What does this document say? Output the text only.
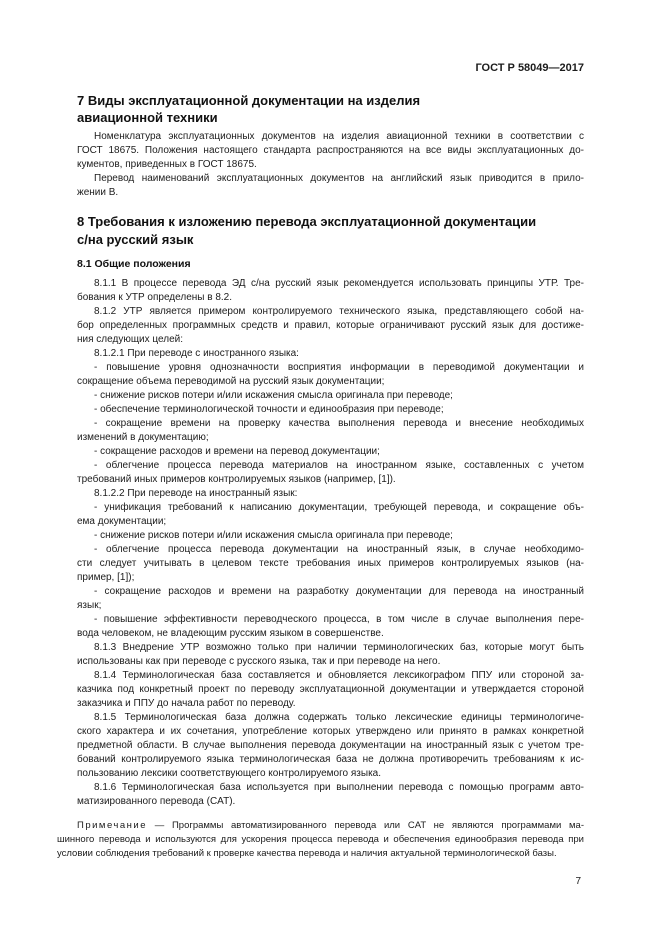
ГОСТ Р 58049—2017
7 Виды эксплуатационной документации на изделия
авиационной техники
Номенклатура эксплуатационных документов на изделия авиационной техники в соответствии с
ГОСТ 18675. Положения настоящего стандарта распространяются на все виды эксплуатационных до-
кументов, приведенных в ГОСТ 18675.
Перевод наименований эксплуатационных документов на английский язык приводится в прило-
жении В.
8 Требования к изложению перевода эксплуатационной документации
с/на русский язык
8.1 Общие положения
8.1.1 В процессе перевода ЭД с/на русский язык рекомендуется использовать принципы УТР. Тре-
бования к УТР определены в 8.2.
8.1.2 УТР является примером контролируемого технического языка, представляющего собой на-
бор определенных программных средств и правил, которые ограничивают русский язык для достиже-
ния следующих целей:
8.1.2.1 При переводе с иностранного языка:
- повышение уровня однозначности восприятия информации в переводимой документации и
сокращение объема переводимой на русский язык документации;
- снижение рисков потери и/или искажения смысла оригинала при переводе;
- обеспечение терминологической точности и единообразия при переводе;
- сокращение времени на проверку качества выполнения перевода и внесение необходимых
изменений в документацию;
- сокращение расходов и времени на перевод документации;
- облегчение процесса перевода материалов на иностранном языке, составленных с учетом
требований иных примеров контролируемых языков (например, [1]).
8.1.2.2 При переводе на иностранный язык:
- унификация требований к написанию документации, требующей перевода, и сокращение объ-
ема документации;
- снижение рисков потери и/или искажения смысла оригинала при переводе;
- облегчение процесса перевода документации на иностранный язык, в случае необходимо-
сти следует учитывать в целевом тексте требования иных примеров контролируемых языков (на-
пример, [1]);
- сокращение расходов и времени на разработку документации для перевода на иностранный
язык;
- повышение эффективности переводческого процесса, в том числе в случае выполнения пере-
вода человеком, не владеющим русским языком в совершенстве.
8.1.3 Внедрение УТР возможно только при наличии терминологических баз, которые могут быть
использованы как при переводе с русского языка, так и при переводе на него.
8.1.4 Терминологическая база составляется и обновляется лексикографом ППУ или стороной за-
казчика под конкретный проект по переводу эксплуатационной документации и утверждается стороной
заказчика и ППУ до начала работ по переводу.
8.1.5 Терминологическая база должна содержать только лексические единицы терминологиче-
ского характера и их сочетания, употребление которых утверждено или принято в рамках конкретной
предметной области. В случае выполнения перевода документации на иностранный язык с учетом тре-
бований контролируемого языка терминологическая база не должна противоречить требованиям к ис-
пользованию лексики соответствующего контролируемого языка.
8.1.6 Терминологическая база используется при выполнении перевода с помощью программ авто-
матизированного перевода (CAT).
Примечание — Программы автоматизированного перевода или CAT не являются программами ма-
шинного перевода и используются для ускорения процесса перевода и обеспечения единообразия перевода при
условии соблюдения требований к проверке качества перевода и наличия актуальной терминологической базы.
7
